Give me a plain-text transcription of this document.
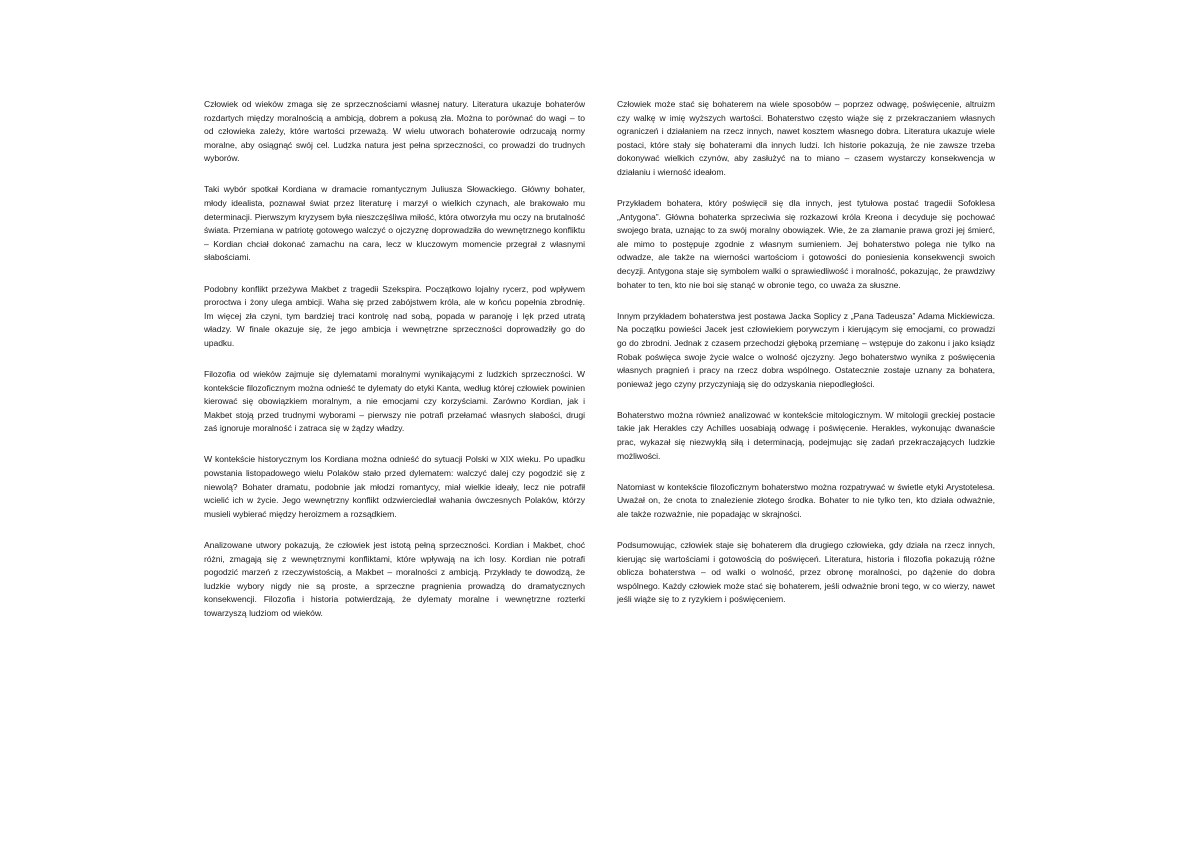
Człowiek od wieków zmaga się ze sprzecznościami własnej natury. Literatura ukazuje bohaterów rozdartych między moralnością a ambicją, dobrem a pokusą zła. Można to porównać do wagi – to od człowieka zależy, które wartości przeważą. W wielu utworach bohaterowie odrzucają normy moralne, aby osiągnąć swój cel. Ludzka natura jest pełna sprzeczności, co prowadzi do trudnych wyborów.

Taki wybór spotkał Kordiana w dramacie romantycznym Juliusza Słowackiego. Główny bohater, młody idealista, poznawał świat przez literaturę i marzył o wielkich czynach, ale brakowało mu determinacji. Pierwszym kryzysem była nieszczęśliwa miłość, która otworzyła mu oczy na brutalność świata. Przemiana w patriotę gotowego walczyć o ojczyznę doprowadziła do wewnętrznego konfliktu – Kordian chciał dokonać zamachu na cara, lecz w kluczowym momencie przegrał z własnymi słabościami.

Podobny konflikt przeżywa Makbet z tragedii Szekspira. Początkowo lojalny rycerz, pod wpływem proroctwa i żony ulega ambicji. Waha się przed zabójstwem króla, ale w końcu popełnia zbrodnię. Im więcej zła czyni, tym bardziej traci kontrolę nad sobą, popada w paranoję i lęk przed utratą władzy. W finale okazuje się, że jego ambicja i wewnętrzne sprzeczności doprowadziły go do upadku.

Filozofia od wieków zajmuje się dylematami moralnymi wynikającymi z ludzkich sprzeczności. W kontekście filozoficznym można odnieść te dylematy do etyki Kanta, według której człowiek powinien kierować się obowiązkiem moralnym, a nie emocjami czy korzyściami. Zarówno Kordian, jak i Makbet stoją przed trudnymi wyborami – pierwszy nie potrafi przełamać własnych słabości, drugi zaś ignoruje moralność i zatraca się w żądzy władzy.

W kontekście historycznym los Kordiana można odnieść do sytuacji Polski w XIX wieku. Po upadku powstania listopadowego wielu Polaków stało przed dylematem: walczyć dalej czy pogodzić się z niewolą? Bohater dramatu, podobnie jak młodzi romantycy, miał wielkie ideały, lecz nie potrafił wcielić ich w życie. Jego wewnętrzny konflikt odzwierciedlał wahania ówczesnych Polaków, którzy musieli wybierać między heroizmem a rozsądkiem.

Analizowane utwory pokazują, że człowiek jest istotą pełną sprzeczności. Kordian i Makbet, choć różni, zmagają się z wewnętrznymi konfliktami, które wpływają na ich losy. Kordian nie potrafi pogodzić marzeń z rzeczywistością, a Makbet – moralności z ambicją. Przykłady te dowodzą, że ludzkie wybory nigdy nie są proste, a sprzeczne pragnienia prowadzą do dramatycznych konsekwencji. Filozofia i historia potwierdzają, że dylematy moralne i wewnętrzne rozterki towarzyszą ludziom od wieków.

Człowiek może stać się bohaterem na wiele sposobów – poprzez odwagę, poświęcenie, altruizm czy walkę w imię wyższych wartości. Bohaterstwo często wiąże się z przekraczaniem własnych ograniczeń i działaniem na rzecz innych, nawet kosztem własnego dobra. Literatura ukazuje wiele postaci, które stały się bohaterami dla innych ludzi. Ich historie pokazują, że nie zawsze trzeba dokonywać wielkich czynów, aby zasłużyć na to miano – czasem wystarczy konsekwencja w działaniu i wierność ideałom.

Przykładem bohatera, który poświęcił się dla innych, jest tytułowa postać tragedii Sofoklesa „Antygona”. Główna bohaterka sprzeciwia się rozkazowi króla Kreona i decyduje się pochować swojego brata, uznając to za swój moralny obowiązek. Wie, że za złamanie prawa grozi jej śmierć, ale mimo to postępuje zgodnie z własnym sumieniem. Jej bohaterstwo polega nie tylko na odwadze, ale także na wierności wartościom i gotowości do poniesienia konsekwencji swoich decyzji. Antygona staje się symbolem walki o sprawiedliwość i moralność, pokazując, że prawdziwy bohater to ten, kto nie boi się stanąć w obronie tego, co uważa za słuszne.

Innym przykładem bohaterstwa jest postawa Jacka Soplicy z „Pana Tadeusza” Adama Mickiewicza. Na początku powieści Jacek jest człowiekiem porywczym i kierującym się emocjami, co prowadzi go do zbrodni. Jednak z czasem przechodzi głęboką przemianę – wstępuje do zakonu i jako ksiądz Robak poświęca swoje życie walce o wolność ojczyzny. Jego bohaterstwo wynika z poświęcenia własnych pragnień i pracy na rzecz dobra wspólnego. Ostatecznie zostaje uznany za bohatera, ponieważ jego czyny przyczyniają się do odzyskania niepodległości.

Bohaterstwo można również analizować w kontekście mitologicznym. W mitologii greckiej postacie takie jak Herakles czy Achilles uosabiają odwagę i poświęcenie. Herakles, wykonując dwanaście prac, wykazał się niezwykłą siłą i determinacją, podejmując się zadań przekraczających ludzkie możliwości.

Natomiast w kontekście filozoficznym bohaterstwo można rozpatrywać w świetle etyki Arystotelesa. Uważał on, że cnota to znalezienie złotego środka. Bohater to nie tylko ten, kto działa odważnie, ale także rozważnie, nie popadając w skrajności.

Podsumowując, człowiek staje się bohaterem dla drugiego człowieka, gdy działa na rzecz innych, kierując się wartościami i gotowością do poświęceń. Literatura, historia i filozofia pokazują różne oblicza bohaterstwa – od walki o wolność, przez obronę moralności, po dążenie do dobra wspólnego. Każdy człowiek może stać się bohaterem, jeśli odważnie broni tego, w co wierzy, nawet jeśli wiąże się to z ryzykiem i poświęceniem.
